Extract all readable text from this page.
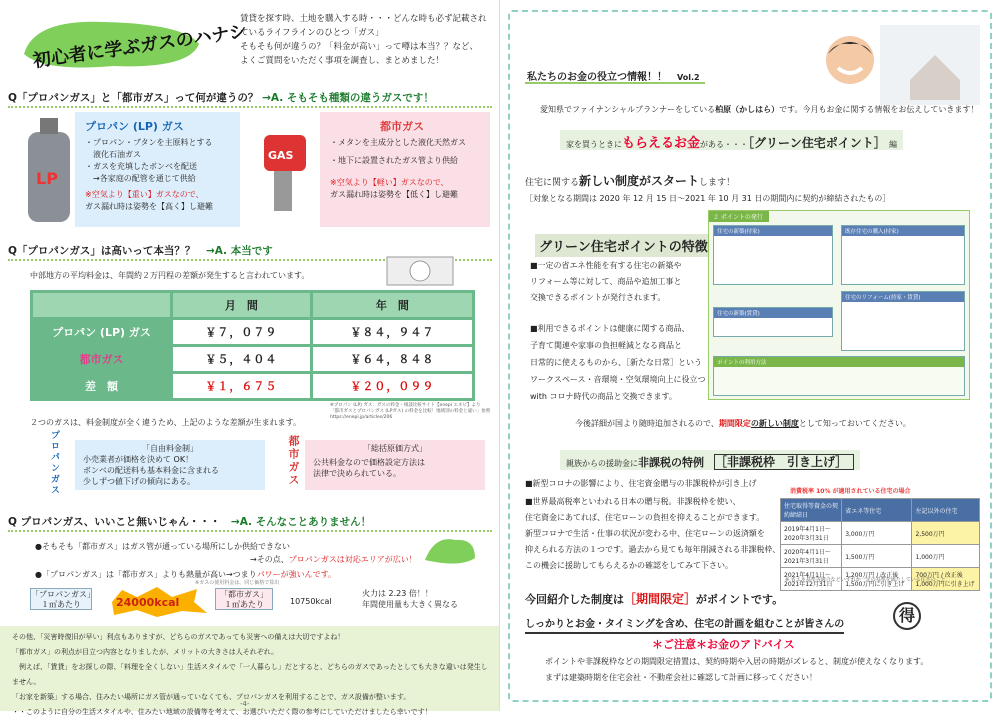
初心者に学ぶガスのハナシ
賃貸を探す時、土地を購入する時・・・どんな時も必ず記載され
ているライフラインのひとつ「ガス」
そもそも何が違うの？「料金が高い」って噂は本当？？など、
よくご質問をいただく事項を調査し、まとめました！
Q「プロパンガス」と「都市ガス」って何が違うの？ →A. そもそも種類の違うガスです！
LP
プロパン (LP) ガス
・プロパン・ブタンを主原料とする
　液化石油ガス
・ガスを充填したボンベを配送
　→各家庭の配管を通じて供給
※空気より【重い】ガスなので、
ガス漏れ時は姿勢を【高く】し避難
GAS
都市ガス
・メタンを主成分とした液化天然ガス
・地下に設置されたガス管より供給
※空気より【軽い】ガスなので、
ガス漏れ時は姿勢を【低く】し避難
Q「プロパンガス」は高いって本当？？　 →A. 本当です
中部地方の平均料金は、年間約２万円程の差額が発生すると言われています。
	月　間	年　間
プロパン (LP) ガス	￥７，０７９	￥８４，９４７
都市ガス	￥５，４０４	￥６４，８４８
差　額	￥１，６７５	￥２０，０９９
※プロパン (LP) ガス：ガスの料金・相談比較サイト【enepi エネピ】より
「都市ガスとプロパンガス (LPガス) の料金を比較！地域別の料金と違い」参照
https://enepi.jp/articles/206
２つのガスは、料金制度が全く違うため、上記のような差額が生まれます。
プロパンガス	「自由料金制」
小売業者が価格を決めて OK！
ボンベの配送料も基本料金に含まれる
少しずつ値下げの傾向にある。	都市ガス	「総括原価方式」
公共料金なので価格設定方法は
法律で決められている。
Q プロパンガス、いいこと無いじゃん・・・　 →A. そんなことありません！
●そもそも「都市ガス」はガス管が通っている場所にしか供給できない
→その点、プロパンガスは対応エリアが広い！
●「プロパンガス」は「都市ガス」よりも熱量が高い→つまりパワーが強いんです。
※ガスの使用料金は、同じ価格で算出
「プロパンガス」
１㎥あたり	24000kcal
「都市ガス」
１㎥あたり	10750kcal
火力は 2.23 倍！！
年間使用量も大きく異なる
その他、「災害時復旧が早い」利点もありますが、どちらのガスであっても災害への備えは大切ですよね！
「都市ガス」の利点が目立つ内容となりましたが、メリットの大きさは人それぞれ。
　例えば、「賃貸」をお探しの際、「料理を全くしない」生活スタイルで「一人暮らし」だとすると、どちらのガスであったとしても大きな違いは発生しません。
「お家を新築」する場合、住みたい場所にガス管が通っていなくても、プロパンガスを利用することで、ガス設備が整います。
・・このように自分の生活スタイルや、住みたい地域の設備等を考えて、お選びいただく際の参考にしていただけましたら幸いです！
-4-
私たちのお金の役立つ情報！！　 Vol.2
愛知県でファイナンシャルプランナーをしている柏原（かしはら）です。今月もお金に関する情報をお伝えしていきます！
家を買うときにもらえるお金がある・・・［グリーン住宅ポイント］ 編
住宅に関する新しい制度がスタートします！
［対象となる期間は 2020 年 12 月 15 日～2021 年 10 月 31 日の期間内に契約が締結されたもの］
グリーン住宅ポイントの特徴
■一定の省エネ性能を有する住宅の新築や
リフォーム等に対して、商品や追加工事と
交換できるポイントが発行されます。
■利用できるポイントは健康に関する商品、
子育て関連や家事の負担軽減となる商品と
日常的に使えるものから、［新たな日常］という
ワークスペース・音環境・空気環境向上に役立つ
with コロナ時代の商品と交換できます。
２ ポイントの発行
住宅の新築(持家)	既存住宅の購入(持家)
住宅の新築(賃貸)
住宅のリフォーム(持家・賃貸)
ポイントの利用方法
今後詳細が国より随時追加されるので、期間限定の新しい制度として知っておいてください。
親族からの援助金に非課税の特例　 ［非課税枠　引き上げ］
■新型コロナの影響により、住宅資金贈与の非課税枠が引き上げ
■世界最高税率といわれる日本の贈与税。非課税枠を使い、
住宅資金にあてれば、住宅ローンの負担を抑えることができます。
新型コロナで生活・仕事の状況が変わる中、住宅ローンの返済額を
抑えられる方法の１つです。過去から見ても毎年削減される非課税枠、
この機会に援助してもらえるかの確認をしてみて下さい。
消費税率 10% が適用されている住宅の場合
住宅取得等資金の契約締結日	省エネ等住宅	左記以外の住宅
2019年4月1日～2020年3月31日	3,000万円	2,500万円
2020年4月1日～2021年3月31日	1,500万円	1,000万円
2021年4月1日～2021年12月31日	1,200万円 / 改正後1,500万円に引き上げ	700万円 / 改正後1,000万円に引き上げ
※ 省エネ基準等適合などいずれか一定の基準を満たしている住宅のこと。
今回紹介した制度は［期間限定］がポイントです。
しっかりとお金・タイミングを含め、住宅の計画を組むことが皆さんの	得
＊ご注意＊お金のアドバイス
ポイントや非課税枠などの期間限定措置は、契約時期や入居の時期がズレると、制度が使えなくなります。
まずは建築時期を住宅会社・不動産会社に確認して計画に移ってください！
